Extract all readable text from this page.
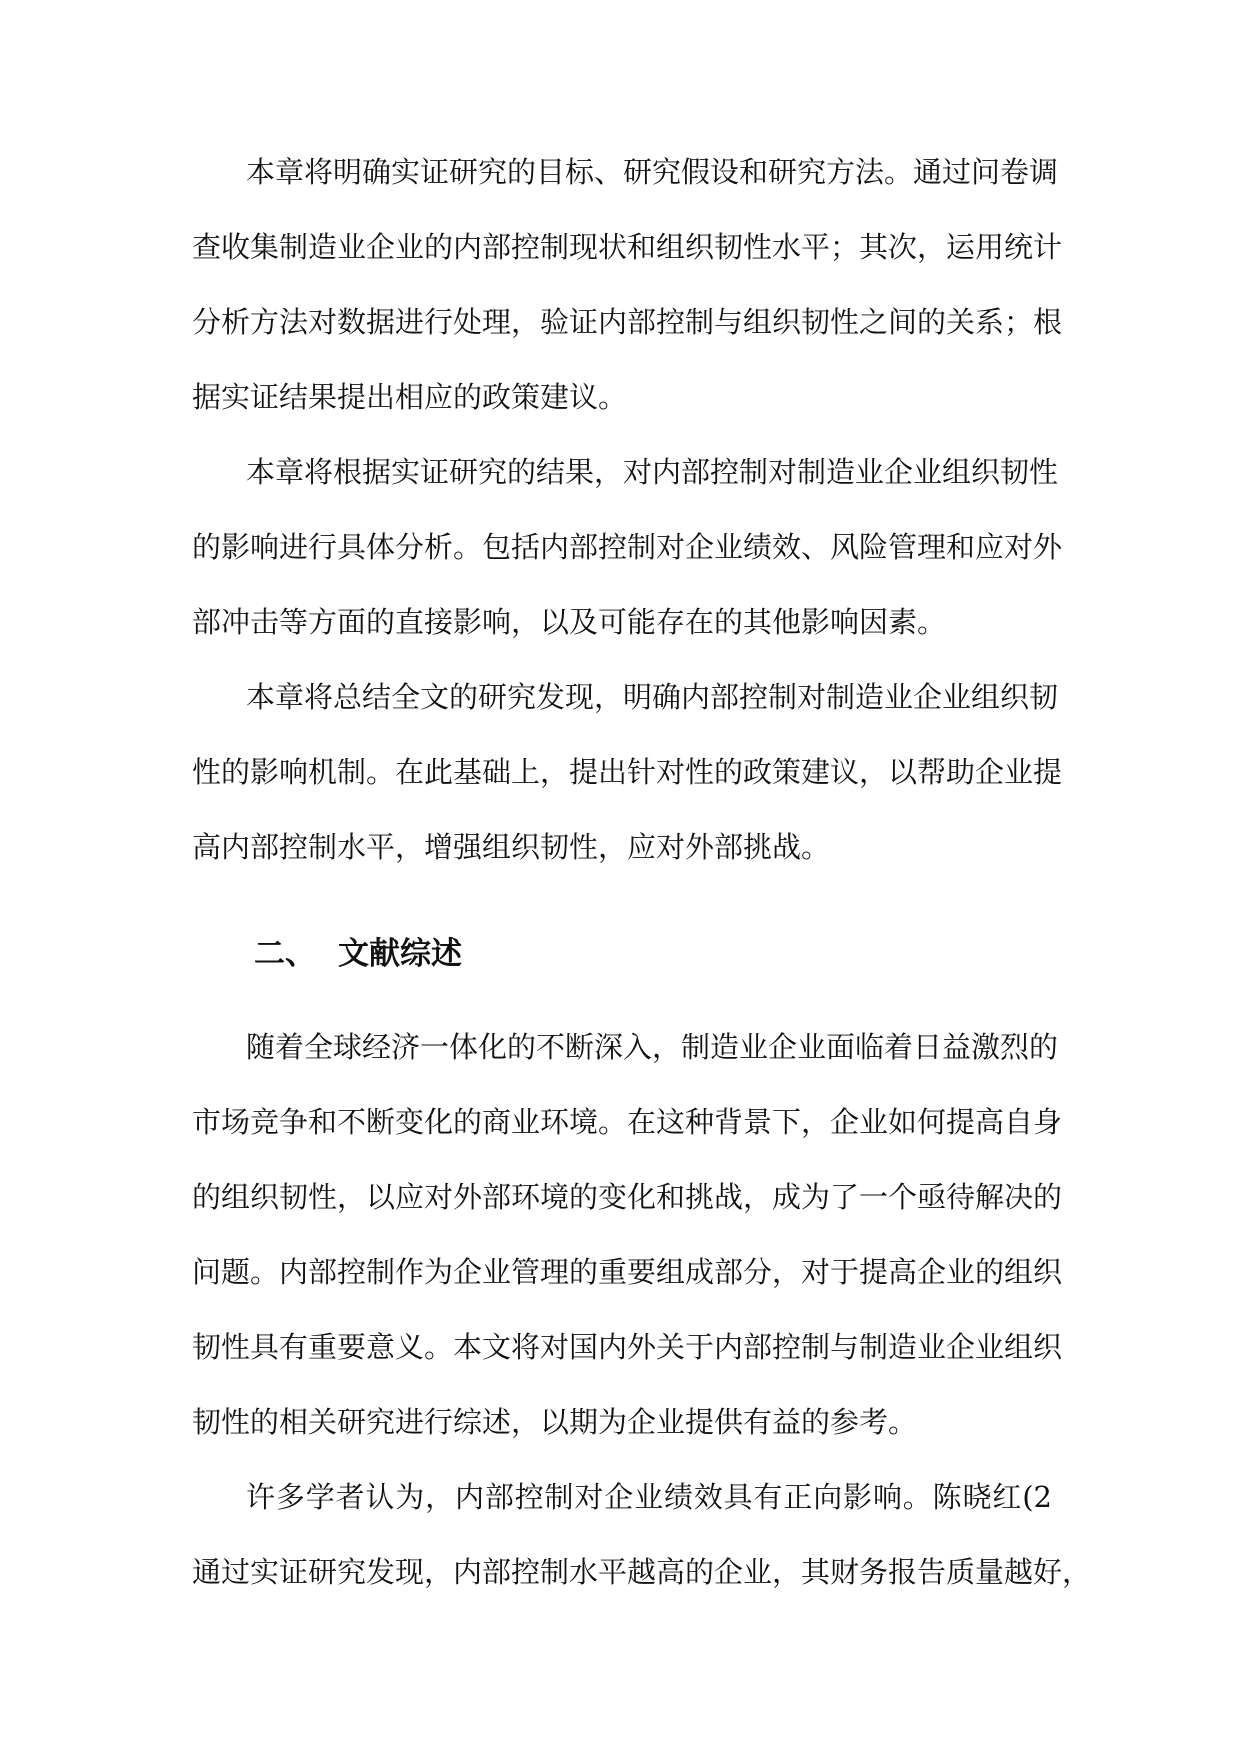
本章将明确实证研究的目标、研究假设和研究方法。通过问卷调
查收集制造业企业的内部控制现状和组织韧性水平；其次，运用统计
分析方法对数据进行处理，验证内部控制与组织韧性之间的关系；根
据实证结果提出相应的政策建议。
本章将根据实证研究的结果，对内部控制对制造业企业组织韧性
的影响进行具体分析。包括内部控制对企业绩效、风险管理和应对外
部冲击等方面的直接影响，以及可能存在的其他影响因素。
本章将总结全文的研究发现，明确内部控制对制造业企业组织韧
性的影响机制。在此基础上，提出针对性的政策建议，以帮助企业提
高内部控制水平，增强组织韧性，应对外部挑战。
二、 文献综述
随着全球经济一体化的不断深入，制造业企业面临着日益激烈的
市场竞争和不断变化的商业环境。在这种背景下，企业如何提高自身
的组织韧性，以应对外部环境的变化和挑战，成为了一个亟待解决的
问题。内部控制作为企业管理的重要组成部分，对于提高企业的组织
韧性具有重要意义。本文将对国内外关于内部控制与制造业企业组织
韧性的相关研究进行综述，以期为企业提供有益的参考。
许多学者认为，内部控制对企业绩效具有正向影响。陈晓红(2
通过实证研究发现，内部控制水平越高的企业，其财务报告质量越好，
